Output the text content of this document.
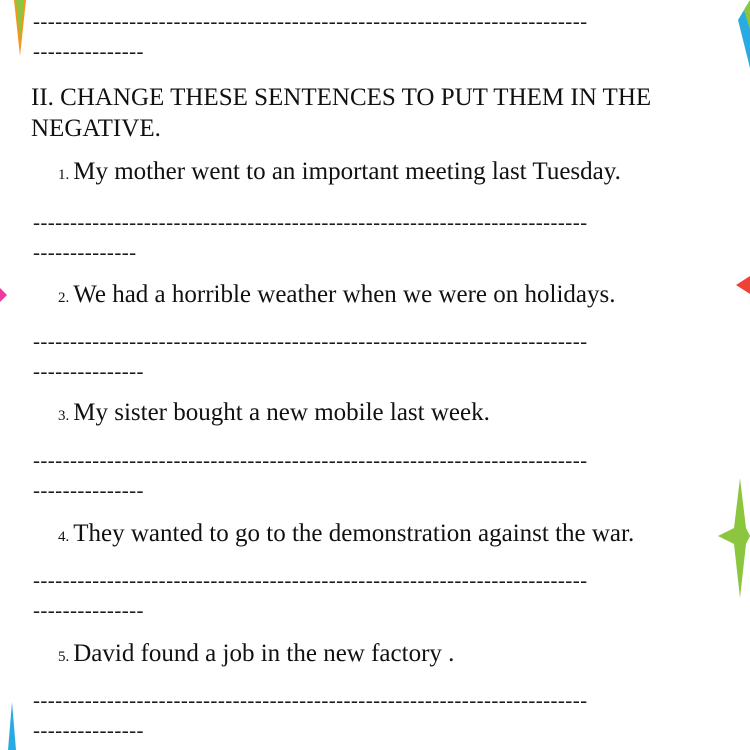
---------------------------------------------------------------------------
---------------
II. CHANGE THESE SENTENCES TO PUT THEM IN THE
NEGATIVE.
1. My mother went to an important meeting last Tuesday.
---------------------------------------------------------------------------
--------------
2. We had a horrible weather when we were on holidays.
---------------------------------------------------------------------------
---------------
3. My sister bought a new mobile last week.
---------------------------------------------------------------------------
---------------
4. They wanted to go to the demonstration against the war.
---------------------------------------------------------------------------
---------------
5. David found a job in the new factory .
---------------------------------------------------------------------------
---------------
